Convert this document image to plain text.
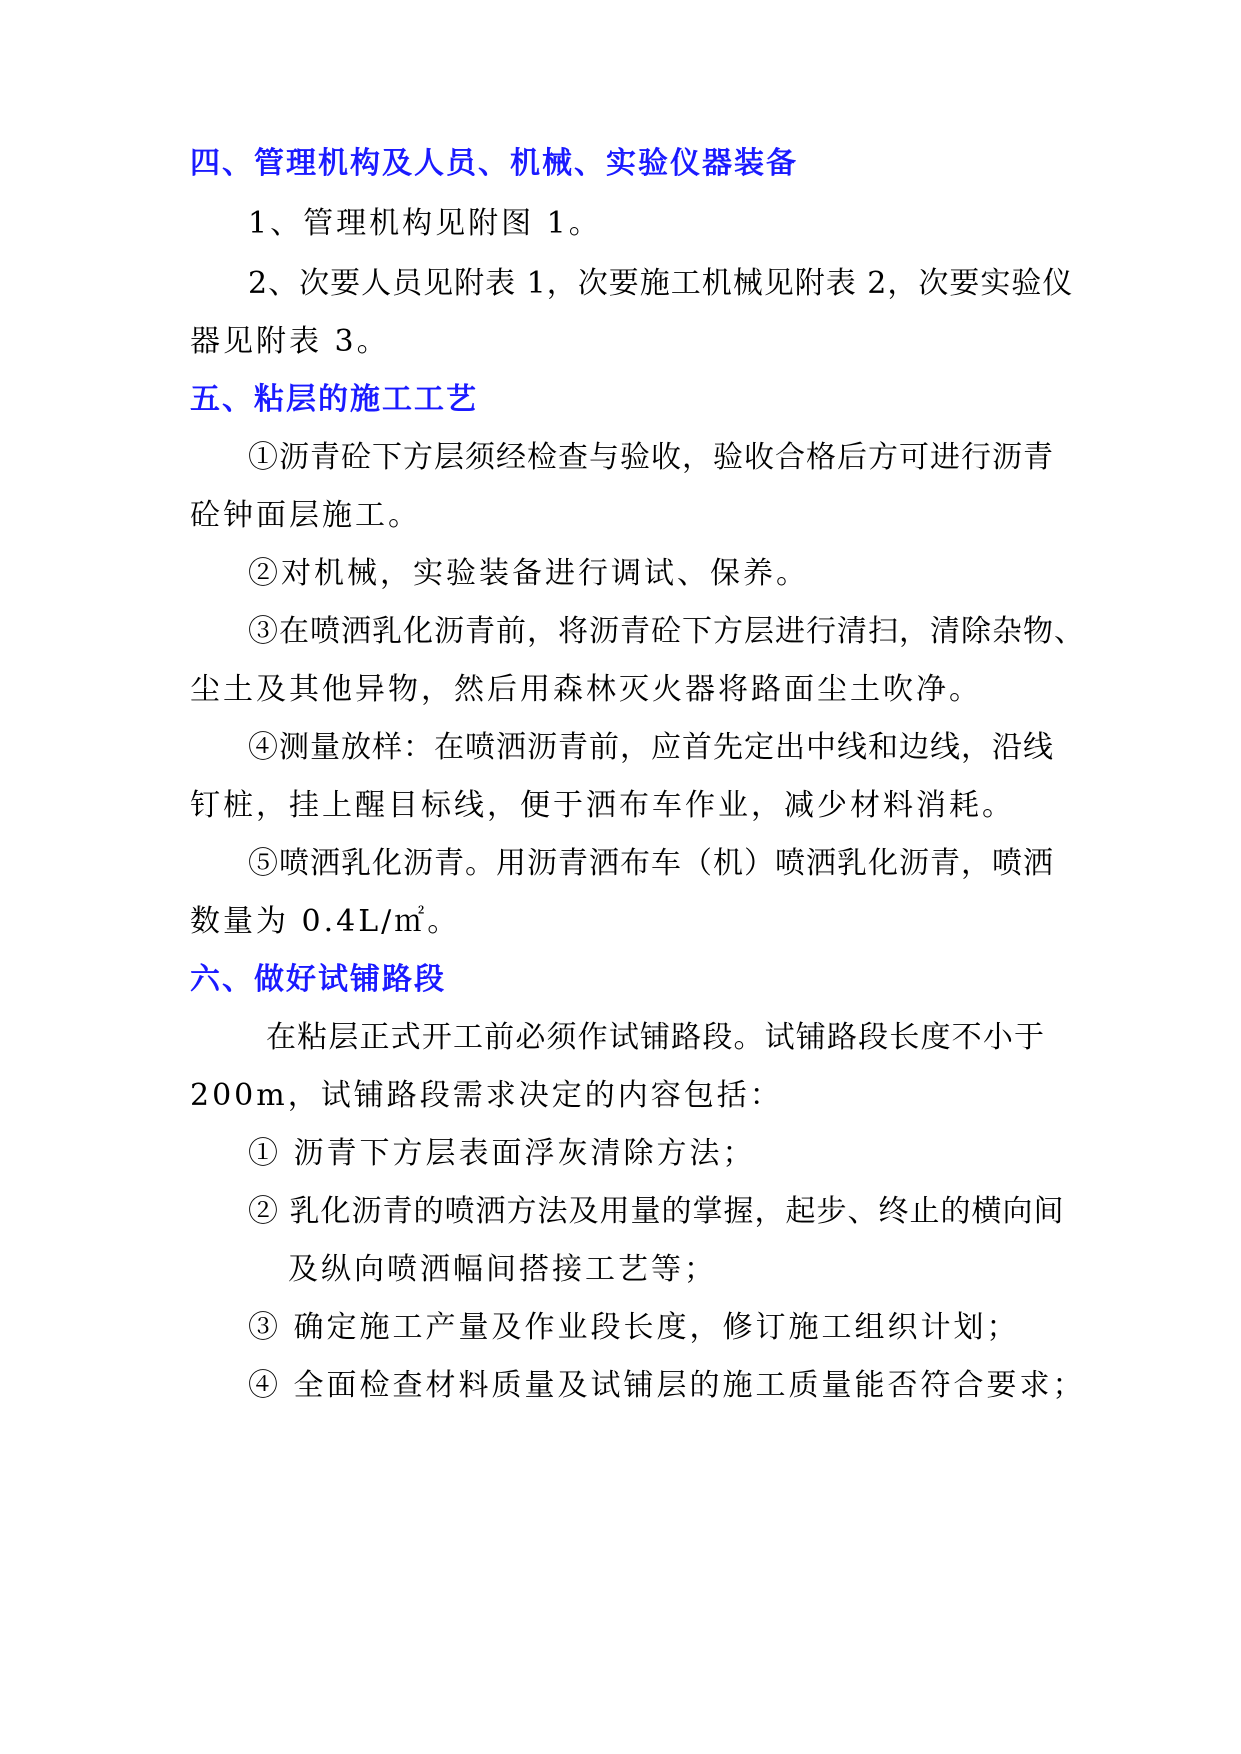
四、管理机构及人员、机械、实验仪器装备
1、管理机构见附图 1。
2、次要人员见附表 1，次要施工机械见附表 2，次要实验仪
器见附表 3。
五、粘层的施工工艺
①沥青砼下方层须经检查与验收，验收合格后方可进行沥青
砼钟面层施工。
②对机械，实验装备进行调试、保养。
③在喷洒乳化沥青前，将沥青砼下方层进行清扫，清除杂物、
尘土及其他异物，然后用森林灭火器将路面尘土吹净。
④测量放样：在喷洒沥青前，应首先定出中线和边线，沿线
钉桩，挂上醒目标线，便于洒布车作业，减少材料消耗。
⑤喷洒乳化沥青。用沥青洒布车（机）喷洒乳化沥青，喷洒
数量为 0.4L/㎡。
六、做好试铺路段
在粘层正式开工前必须作试铺路段。试铺路段长度不小于
200m，试铺路段需求决定的内容包括：
① 沥青下方层表面浮灰清除方法；
② 乳化沥青的喷洒方法及用量的掌握，起步、终止的横向间
及纵向喷洒幅间搭接工艺等；
③ 确定施工产量及作业段长度，修订施工组织计划；
④ 全面检查材料质量及试铺层的施工质量能否符合要求；
